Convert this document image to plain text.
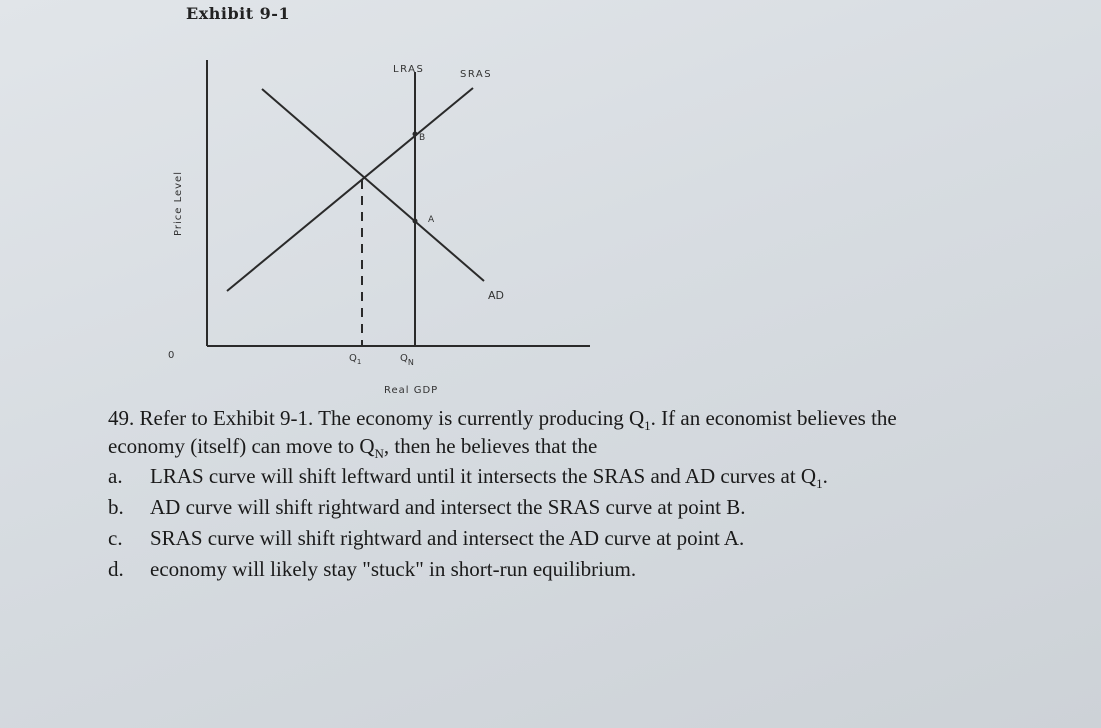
Exhibit 9-1
LRAS	SRAS
AD
B
A
0
Price Level
Real GDP
$Q_1$	$Q_N$
49. Refer to Exhibit 9-1. The economy is currently producing $Q_1$. If an economist believes the
economy (itself) can move to $Q_N$, then he believes that the
a. LRAS curve will shift leftward until it intersects the SRAS and AD curves at $Q_1$.
b. AD curve will shift rightward and intersect the SRAS curve at point B.
c. SRAS curve will shift rightward and intersect the AD curve at point A.
d. economy will likely stay "stuck" in short-run equilibrium.
